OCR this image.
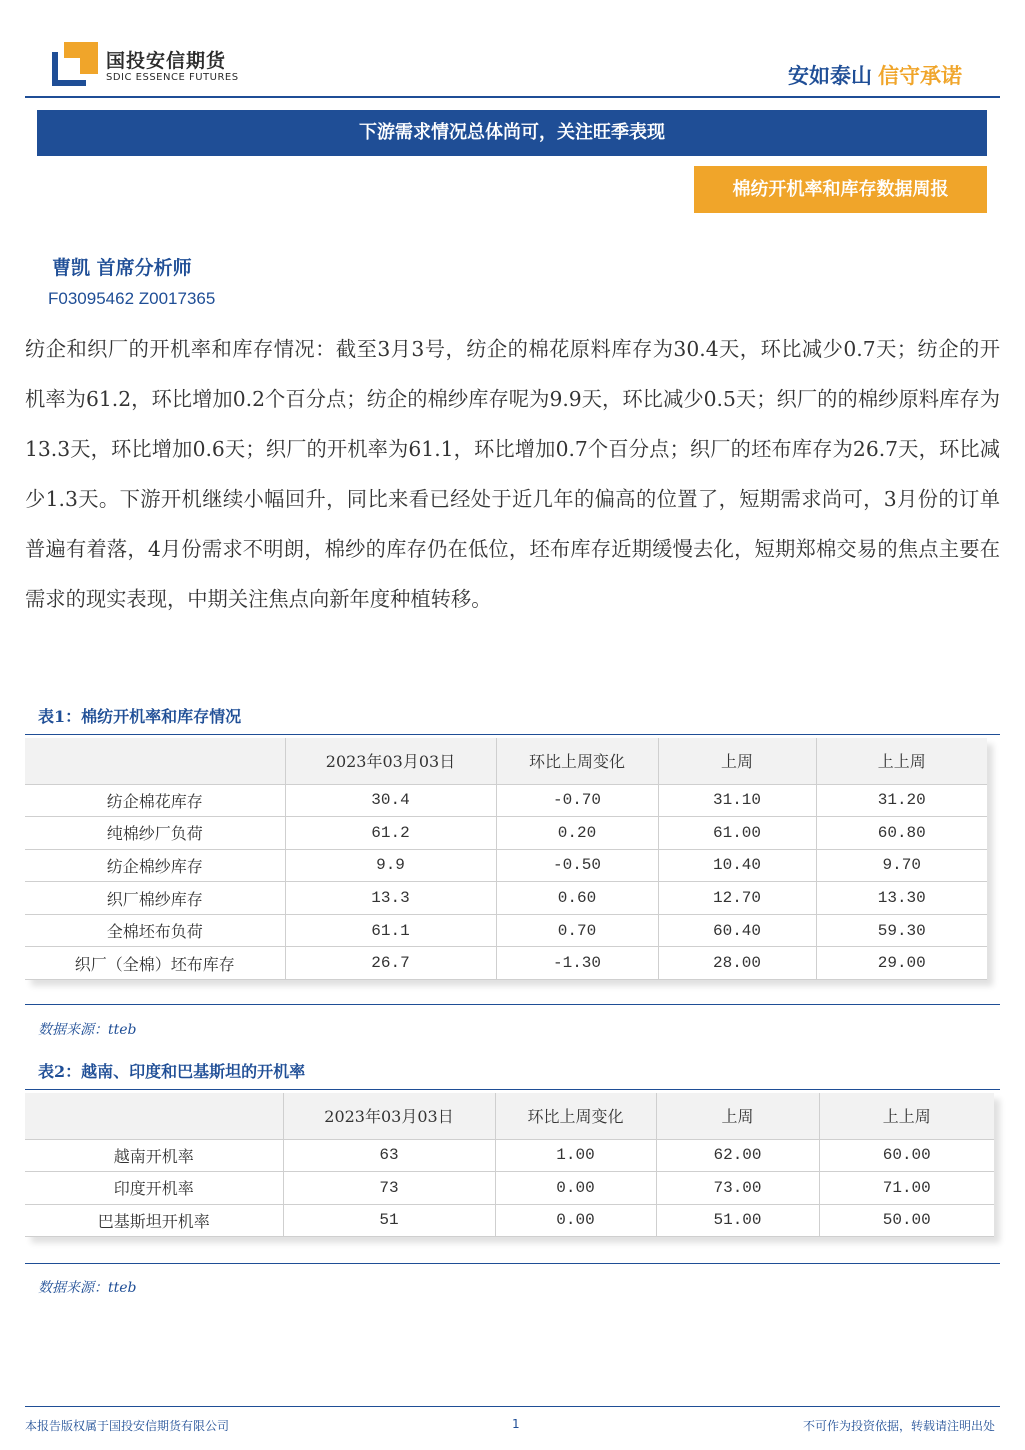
国投安信期货
SDIC ESSENCE FUTURES	安如泰山 信守承诺
下游需求情况总体尚可，关注旺季表现
棉纺开机率和库存数据周报
曹凯 首席分析师
F03095462 Z0017365

纺企和织厂的开机率和库存情况：截至3月3号，纺企的棉花原料库存为30.4天，环比减少0.7天；纺企的开机率为61.2，环比增加0.2个百分点；纺企的棉纱库存呢为9.9天，环比减少0.5天；织厂的的棉纱原料库存为13.3天，环比增加0.6天；织厂的开机率为61.1，环比增加0.7个百分点；织厂的坯布库存为26.7天，环比减少1.3天。下游开机继续小幅回升，同比来看已经处于近几年的偏高的位置了，短期需求尚可，3月份的订单普遍有着落，4月份需求不明朗，棉纱的库存仍在低位，坯布库存近期缓慢去化，短期郑棉交易的焦点主要在需求的现实表现，中期关注焦点向新年度种植转移。

表1：棉纺开机率和库存情况
	2023年03月03日	环比上周变化	上周	上上周
纺企棉花库存	30.4	-0.70	31.10	31.20
纯棉纱厂负荷	61.2	0.20	61.00	60.80
纺企棉纱库存	9.9	-0.50	10.40	9.70
织厂棉纱库存	13.3	0.60	12.70	13.30
全棉坯布负荷	61.1	0.70	60.40	59.30
织厂（全棉）坯布库存	26.7	-1.30	28.00	29.00
数据来源：tteb
表2：越南、印度和巴基斯坦的开机率
	2023年03月03日	环比上周变化	上周	上上周
越南开机率	63	1.00	62.00	60.00
印度开机率	73	0.00	73.00	71.00
巴基斯坦开机率	51	0.00	51.00	50.00
数据来源：tteb
本报告版权属于国投安信期货有限公司	1	不可作为投资依据，转载请注明出处
